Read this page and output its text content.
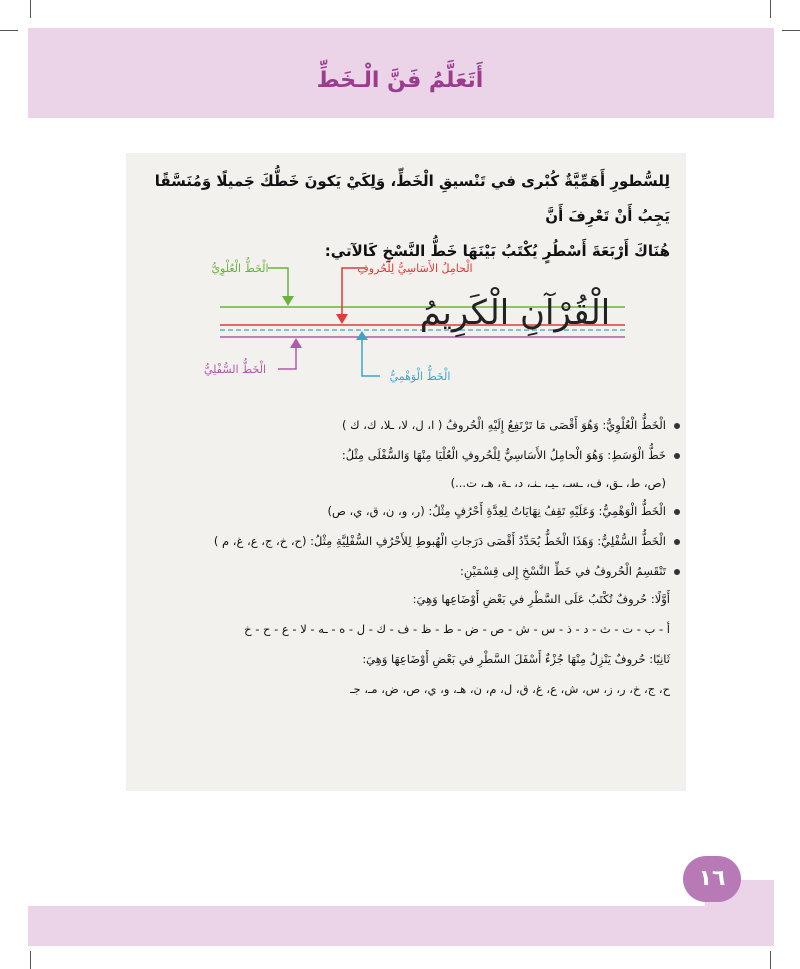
أَتَعَلَّمُ فَنَّ الْـخَطِّ
لِلسُّطورِ أَهَمِّيَّةٌ كُبْرى في تَنْسيقِ الْخَطِّ، وَلِكَيْ يَكونَ خَطُّكَ جَميلًا وَمُنَسَّقًا يَجِبُ أَنْ تَعْرِفَ أَنَّ
هُنَاكَ أَرْبَعَةَ أَسْطُرٍ يُكْتَبُ بَيْنَهَا خَطُّ النَّسْخِ كَالآتي:
الْخَطُّ الْعُلْوِيُّ	الْحامِلُ الأَسَاسِيُّ لِلْحُروفِ
الْخَطُّ السُّفْلِيُّ
الْخَطُّ الْوَهْمِيُّ
الْقُرْآنِ الْكَرِيمُ
الْخَطُّ الْعُلْوِيُّ: وَهُوَ أَقْصَى مَا تَرْتَفِعُ إِلَيْهِ الْحُروفُ ( ا، ل، لا، ـلا، ك، ك )
خَطُّ الْوَسَطِ: وَهُوَ الْحامِلُ الأَسَاسِيُّ لِلْحُروفِ الْعُلْيَا مِنْهَا وَالسُّفْلَى مِثْلُ:
(ص، ط، ـق، ف، ـسـ، ـيـ، ـنـ، د، ـة، هـ، ت...)
الْخَطُّ الْوَهْمِيُّ: وَعَلَيْهِ تَقِفُ نِهَايَاتُ لِعِدَّةِ أَحْرُفٍ مِثْلُ: (ر، و، ن، ق، ي، ص)
الْخَطُّ السُّفْلِيُّ: وَهَذَا الْخَطُّ يُحَدِّدُ أَقْصَى دَرَجاتِ الْهُبوطِ لِلأَحْرُفِ السُّفْلِيَّةِ مِثْلُ: (ح، خ، ج، ع، غ، م )
تَنْقَسِمُ الْحُروفُ في خَطِّ النَّسْخِ إِلى قِسْمَيْنِ:
أَوَّلًا: حُروفٌ تُكْتَبُ عَلَى السَّطْرِ في بَعْضِ أَوْضَاعِها وَهِيَ:
أ - ب - ت - ث - د - ذ - س - ش - ص - ض - ط - ظ - ف - ك - ل - ه - ـه - لا - ع - ح - خ
ثَانِيًا: حُروفٌ يَنْزِلُ مِنْهَا جُزْءٌ أَسْفَلَ السَّطْرِ في بَعْضِ أَوْضَاعِهَا وَهِيَ:
ح، ج، خ، ر، ز، س، ش، ع، غ، ق، ل، م، ن، هـ، و، ي، ص، ض، مـ، جـ
١٦
